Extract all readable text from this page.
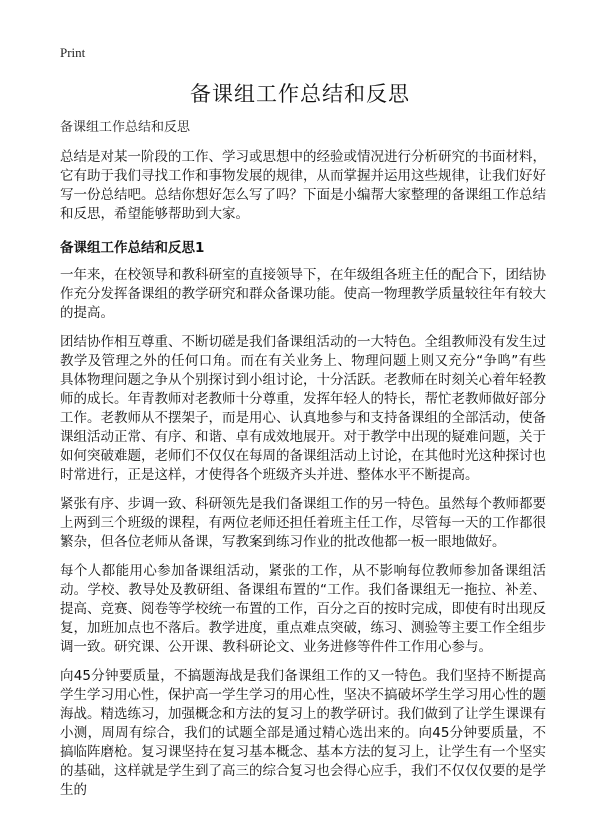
Print
备课组工作总结和反思

备课组工作总结和反思

总结是对某一阶段的工作、学习或思想中的经验或情况进行分析研究的书面材料，它有助于我们寻找工作和事物发展的规律，从而掌握并运用这些规律，让我们好好写一份总结吧。总结你想好怎么写了吗？下面是小编帮大家整理的备课组工作总结和反思，希望能够帮助到大家。

备课组工作总结和反思1

一年来，在校领导和教科研室的直接领导下，在年级组各班主任的配合下，团结协作充分发挥备课组的教学研究和群众备课功能。使高一物理教学质量较往年有较大的提高。

团结协作相互尊重、不断切磋是我们备课组活动的一大特色。全组教师没有发生过教学及管理之外的任何口角。而在有关业务上、物理问题上则又充分“争鸣”有些具体物理问题之争从个别探讨到小组讨论，十分活跃。老教师在时刻关心着年轻教师的成长。年青教师对老教师十分尊重，发挥年轻人的特长，帮忙老教师做好部分工作。老教师从不摆架子，而是用心、认真地参与和支持备课组的全部活动，使备课组活动正常、有序、和谐、卓有成效地展开。对于教学中出现的疑难问题，关于如何突破难题，老师们不仅仅在每周的备课组活动上讨论，在其他时光这种探讨也时常进行，正是这样，才使得各个班级齐头并进、整体水平不断提高。

紧张有序、步调一致、科研领先是我们备课组工作的另一特色。虽然每个教师都要上两到三个班级的课程，有两位老师还担任着班主任工作，尽管每一天的工作都很繁杂，但各位老师从备课，写教案到练习作业的批改他都一板一眼地做好。

每个人都能用心参加备课组活动，紧张的工作，从不影响每位教师参加备课组活动。学校、教导处及教研组、备课组布置的“工作。我们备课组无一拖拉、补差、提高、竞赛、阅卷等学校统一布置的工作，百分之百的按时完成，即使有时出现反复，加班加点也不落后。教学进度，重点难点突破，练习、测验等主要工作全组步调一致。研究课、公开课、教科研论文、业务进修等件件工作用心参与。

向45分钟要质量，不搞题海战是我们备课组工作的又一特色。我们坚持不断提高学生学习用心性，保护高一学生学习的用心性，坚决不搞破坏学生学习用心性的题海战。精选练习，加强概念和方法的复习上的教学研讨。我们做到了让学生课课有小测，周周有综合，我们的试题全部是通过精心选出来的。向45分钟要质量，不搞临阵磨枪。复习课坚持在复习基本概念、基本方法的复习上，让学生有一个坚实的基础，这样就是学生到了高三的综合复习也会得心应手，我们不仅仅仅要的是学生的
